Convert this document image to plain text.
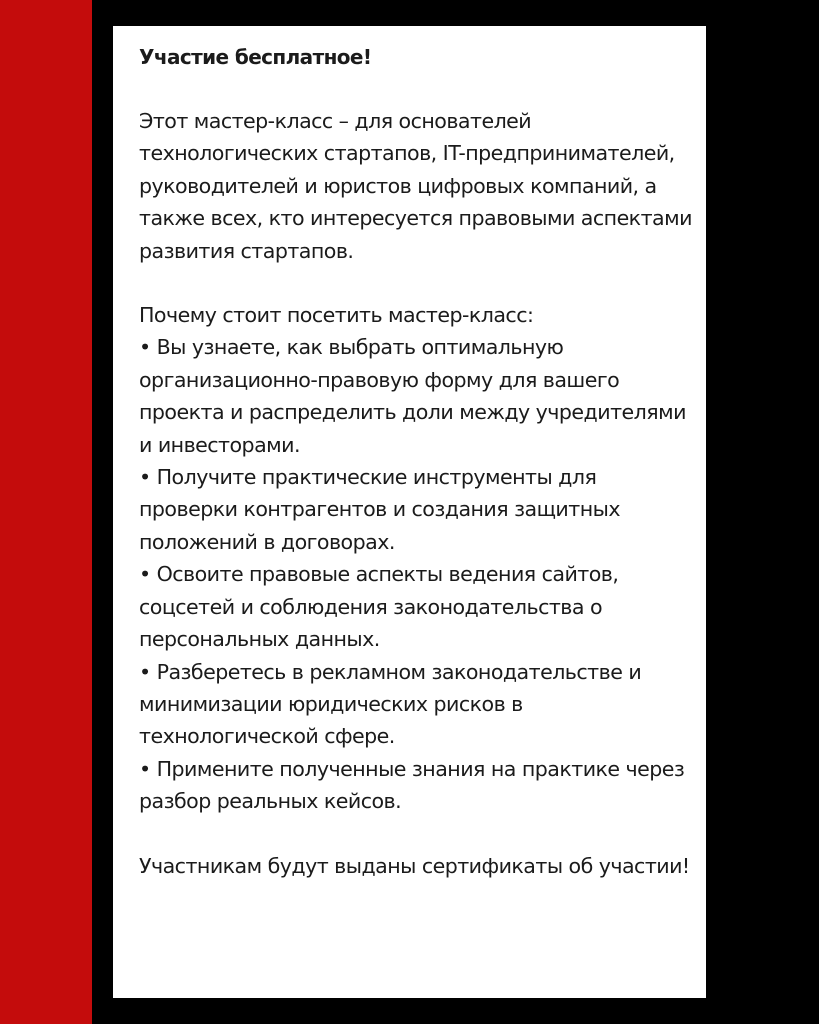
Участие бесплатное!

Этот мастер-класс – для основателей технологических стартапов, IT-предпринимателей, руководителей и юристов цифровых компаний, а также всех, кто интересуется правовыми аспектами развития стартапов.

Почему стоит посетить мастер-класс:

• Вы узнаете, как выбрать оптимальную организационно-правовую форму для вашего проекта и распределить доли между учредителями и инвесторами.
• Получите практические инструменты для проверки контрагентов и создания защитных положений в договорах.
• Освоите правовые аспекты ведения сайтов, соцсетей и соблюдения законодательства о персональных данных.
• Разберетесь в рекламном законодательстве и минимизации юридических рисков в технологической сфере.
• Примените полученные знания на практике через разбор реальных кейсов.

Участникам будут выданы сертификаты об участии!
